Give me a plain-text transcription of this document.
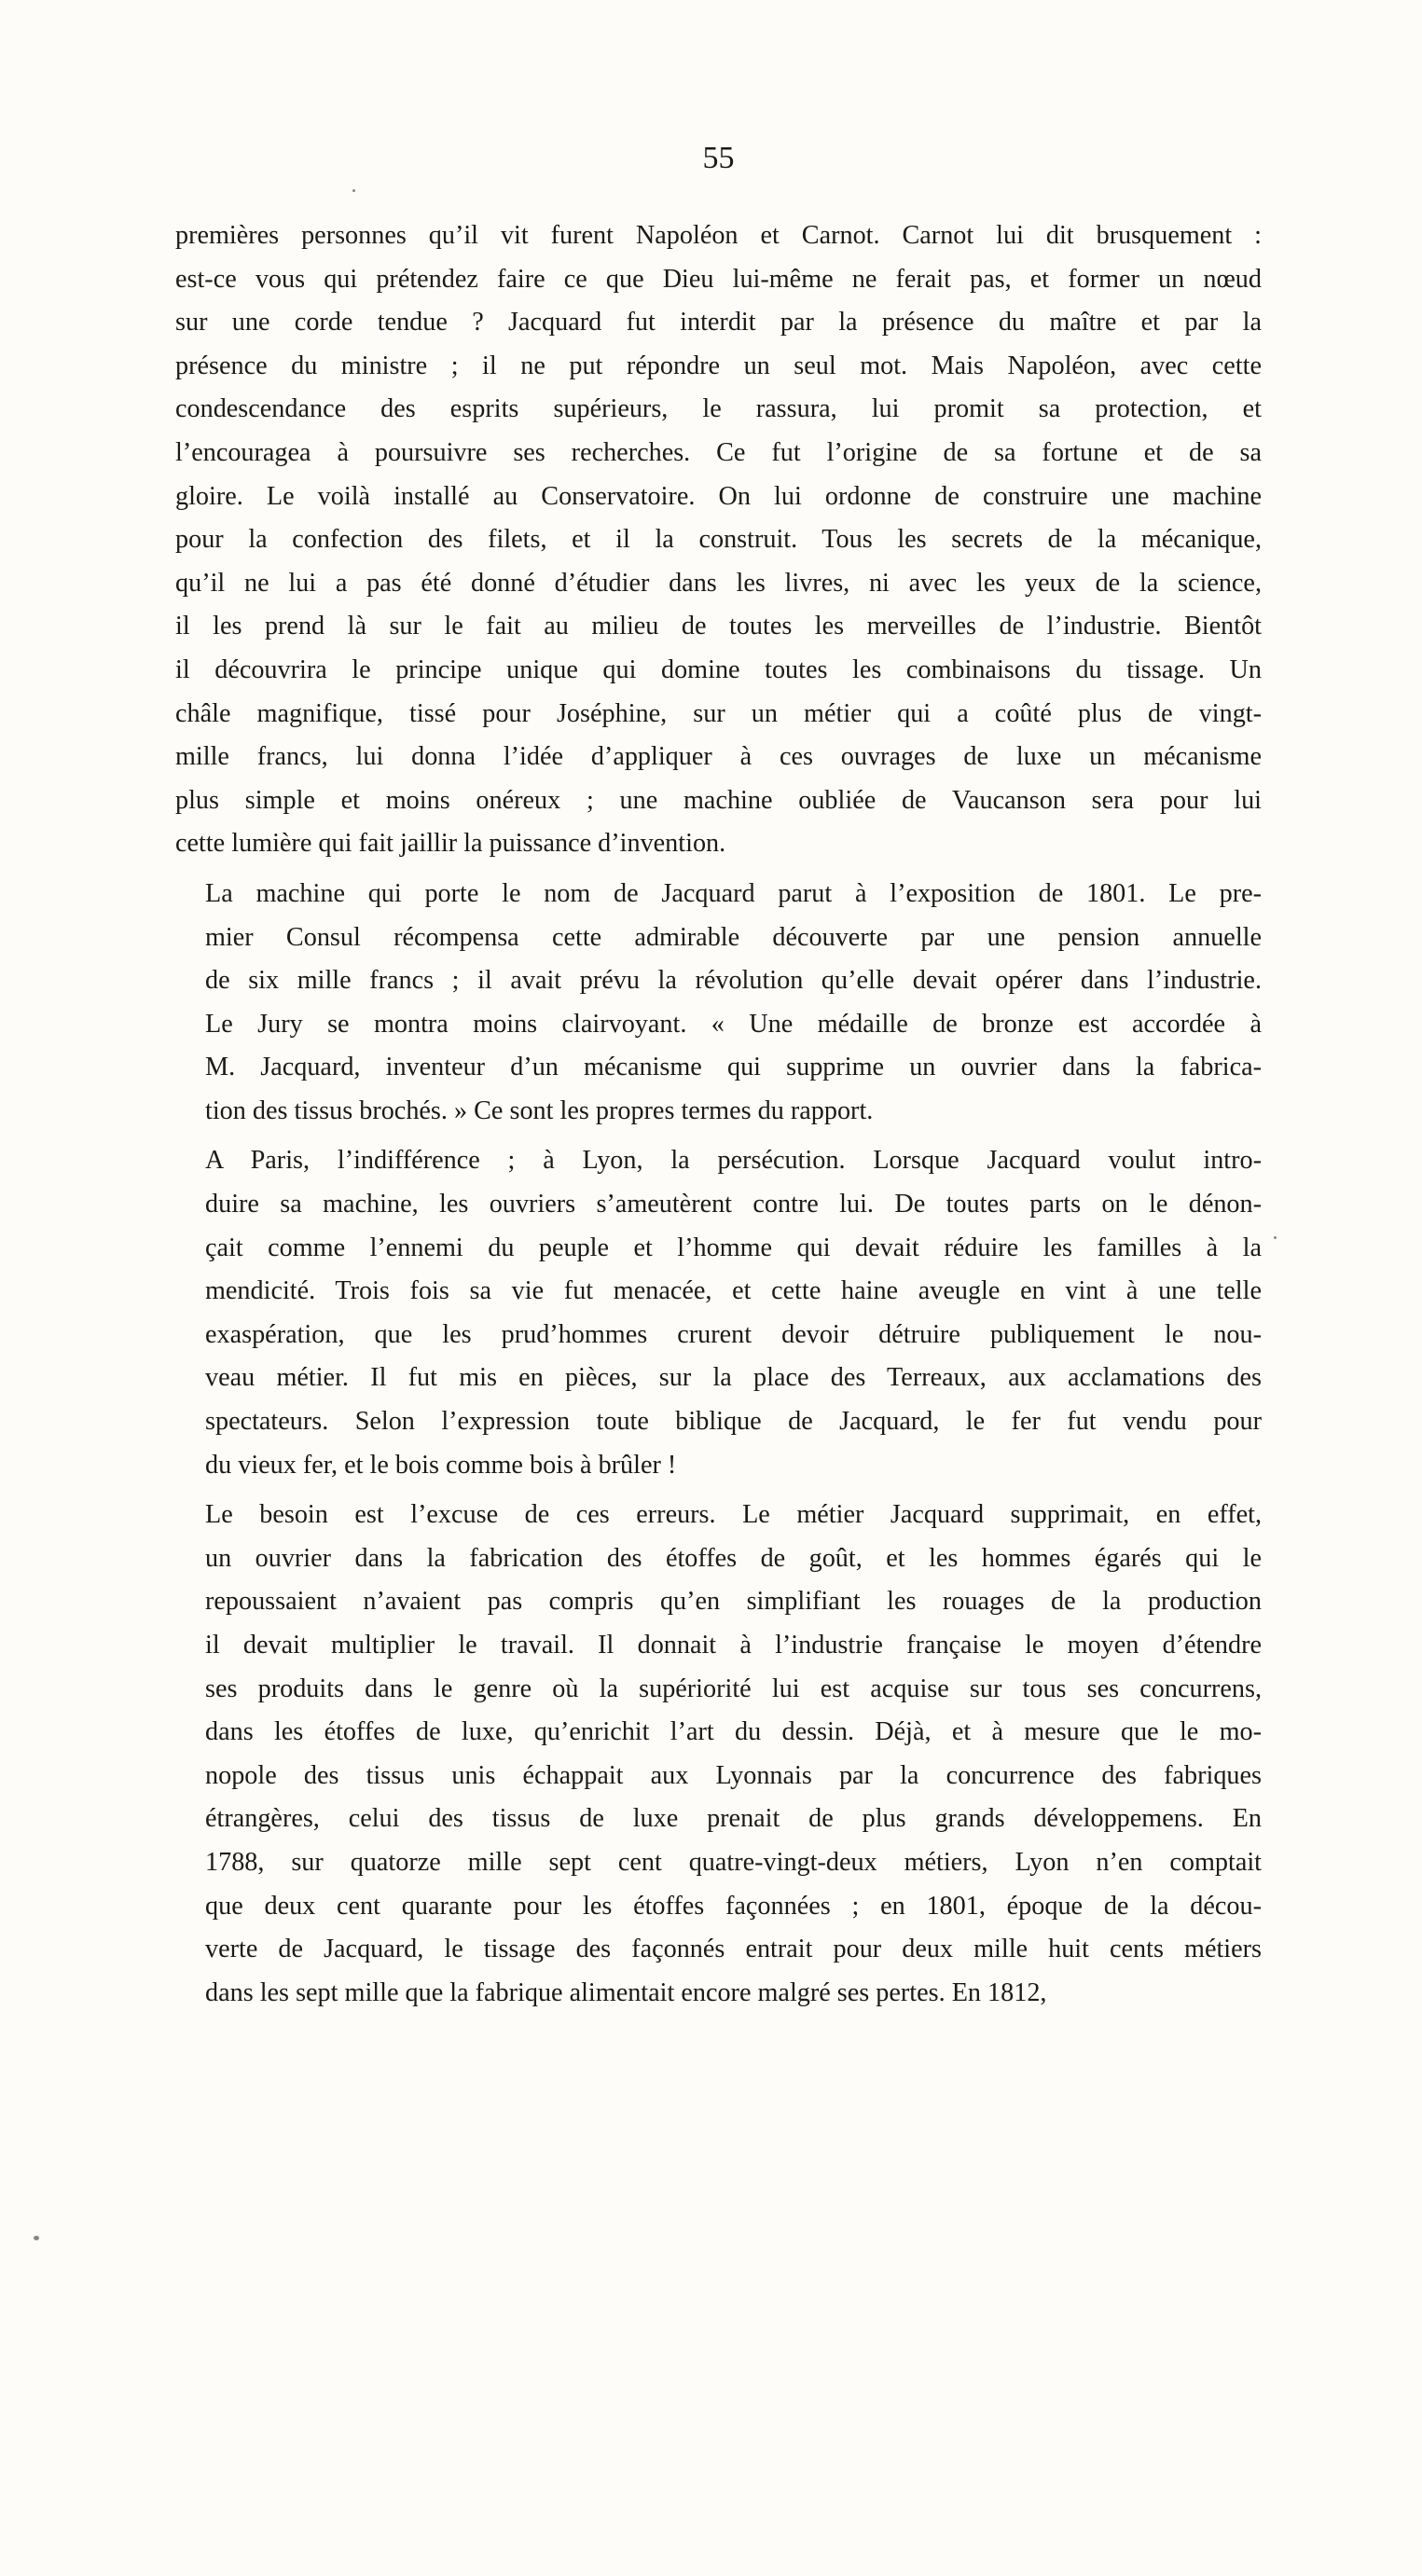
55
premières personnes qu’il vit furent Napoléon et Carnot. Carnot lui dit brusquement :
est-ce vous qui prétendez faire ce que Dieu lui-même ne ferait pas, et former un nœud
sur une corde tendue ? Jacquard fut interdit par la présence du maître et par la
présence du ministre ; il ne put répondre un seul mot. Mais Napoléon, avec cette
condescendance des esprits supérieurs, le rassura, lui promit sa protection, et
l’encouragea à poursuivre ses recherches. Ce fut l’origine de sa fortune et de sa
gloire. Le voilà installé au Conservatoire. On lui ordonne de construire une machine
pour la confection des filets, et il la construit. Tous les secrets de la mécanique,
qu’il ne lui a pas été donné d’étudier dans les livres, ni avec les yeux de la science,
il les prend là sur le fait au milieu de toutes les merveilles de l’industrie. Bientôt
il découvrira le principe unique qui domine toutes les combinaisons du tissage. Un
châle magnifique, tissé pour Joséphine, sur un métier qui a coûté plus de vingt-
mille francs, lui donna l’idée d’appliquer à ces ouvrages de luxe un mécanisme
plus simple et moins onéreux ; une machine oubliée de Vaucanson sera pour lui
cette lumière qui fait jaillir la puissance d’invention.
La machine qui porte le nom de Jacquard parut à l’exposition de 1801. Le pre-
mier Consul récompensa cette admirable découverte par une pension annuelle
de six mille francs ; il avait prévu la révolution qu’elle devait opérer dans l’industrie.
Le Jury se montra moins clairvoyant. « Une médaille de bronze est accordée à
M. Jacquard, inventeur d’un mécanisme qui supprime un ouvrier dans la fabrica-
tion des tissus brochés. » Ce sont les propres termes du rapport.
A Paris, l’indifférence ; à Lyon, la persécution. Lorsque Jacquard voulut intro-
duire sa machine, les ouvriers s’ameutèrent contre lui. De toutes parts on le dénon-
çait comme l’ennemi du peuple et l’homme qui devait réduire les familles à la
mendicité. Trois fois sa vie fut menacée, et cette haine aveugle en vint à une telle
exaspération, que les prud’hommes crurent devoir détruire publiquement le nou-
veau métier. Il fut mis en pièces, sur la place des Terreaux, aux acclamations des
spectateurs. Selon l’expression toute biblique de Jacquard, le fer fut vendu pour
du vieux fer, et le bois comme bois à brûler !
Le besoin est l’excuse de ces erreurs. Le métier Jacquard supprimait, en effet,
un ouvrier dans la fabrication des étoffes de goût, et les hommes égarés qui le
repoussaient n’avaient pas compris qu’en simplifiant les rouages de la production
il devait multiplier le travail. Il donnait à l’industrie française le moyen d’étendre
ses produits dans le genre où la supériorité lui est acquise sur tous ses concurrens,
dans les étoffes de luxe, qu’enrichit l’art du dessin. Déjà, et à mesure que le mo-
nopole des tissus unis échappait aux Lyonnais par la concurrence des fabriques
étrangères, celui des tissus de luxe prenait de plus grands développemens. En
1788, sur quatorze mille sept cent quatre-vingt-deux métiers, Lyon n’en comptait
que deux cent quarante pour les étoffes façonnées ; en 1801, époque de la décou-
verte de Jacquard, le tissage des façonnés entrait pour deux mille huit cents métiers
dans les sept mille que la fabrique alimentait encore malgré ses pertes. En 1812,
